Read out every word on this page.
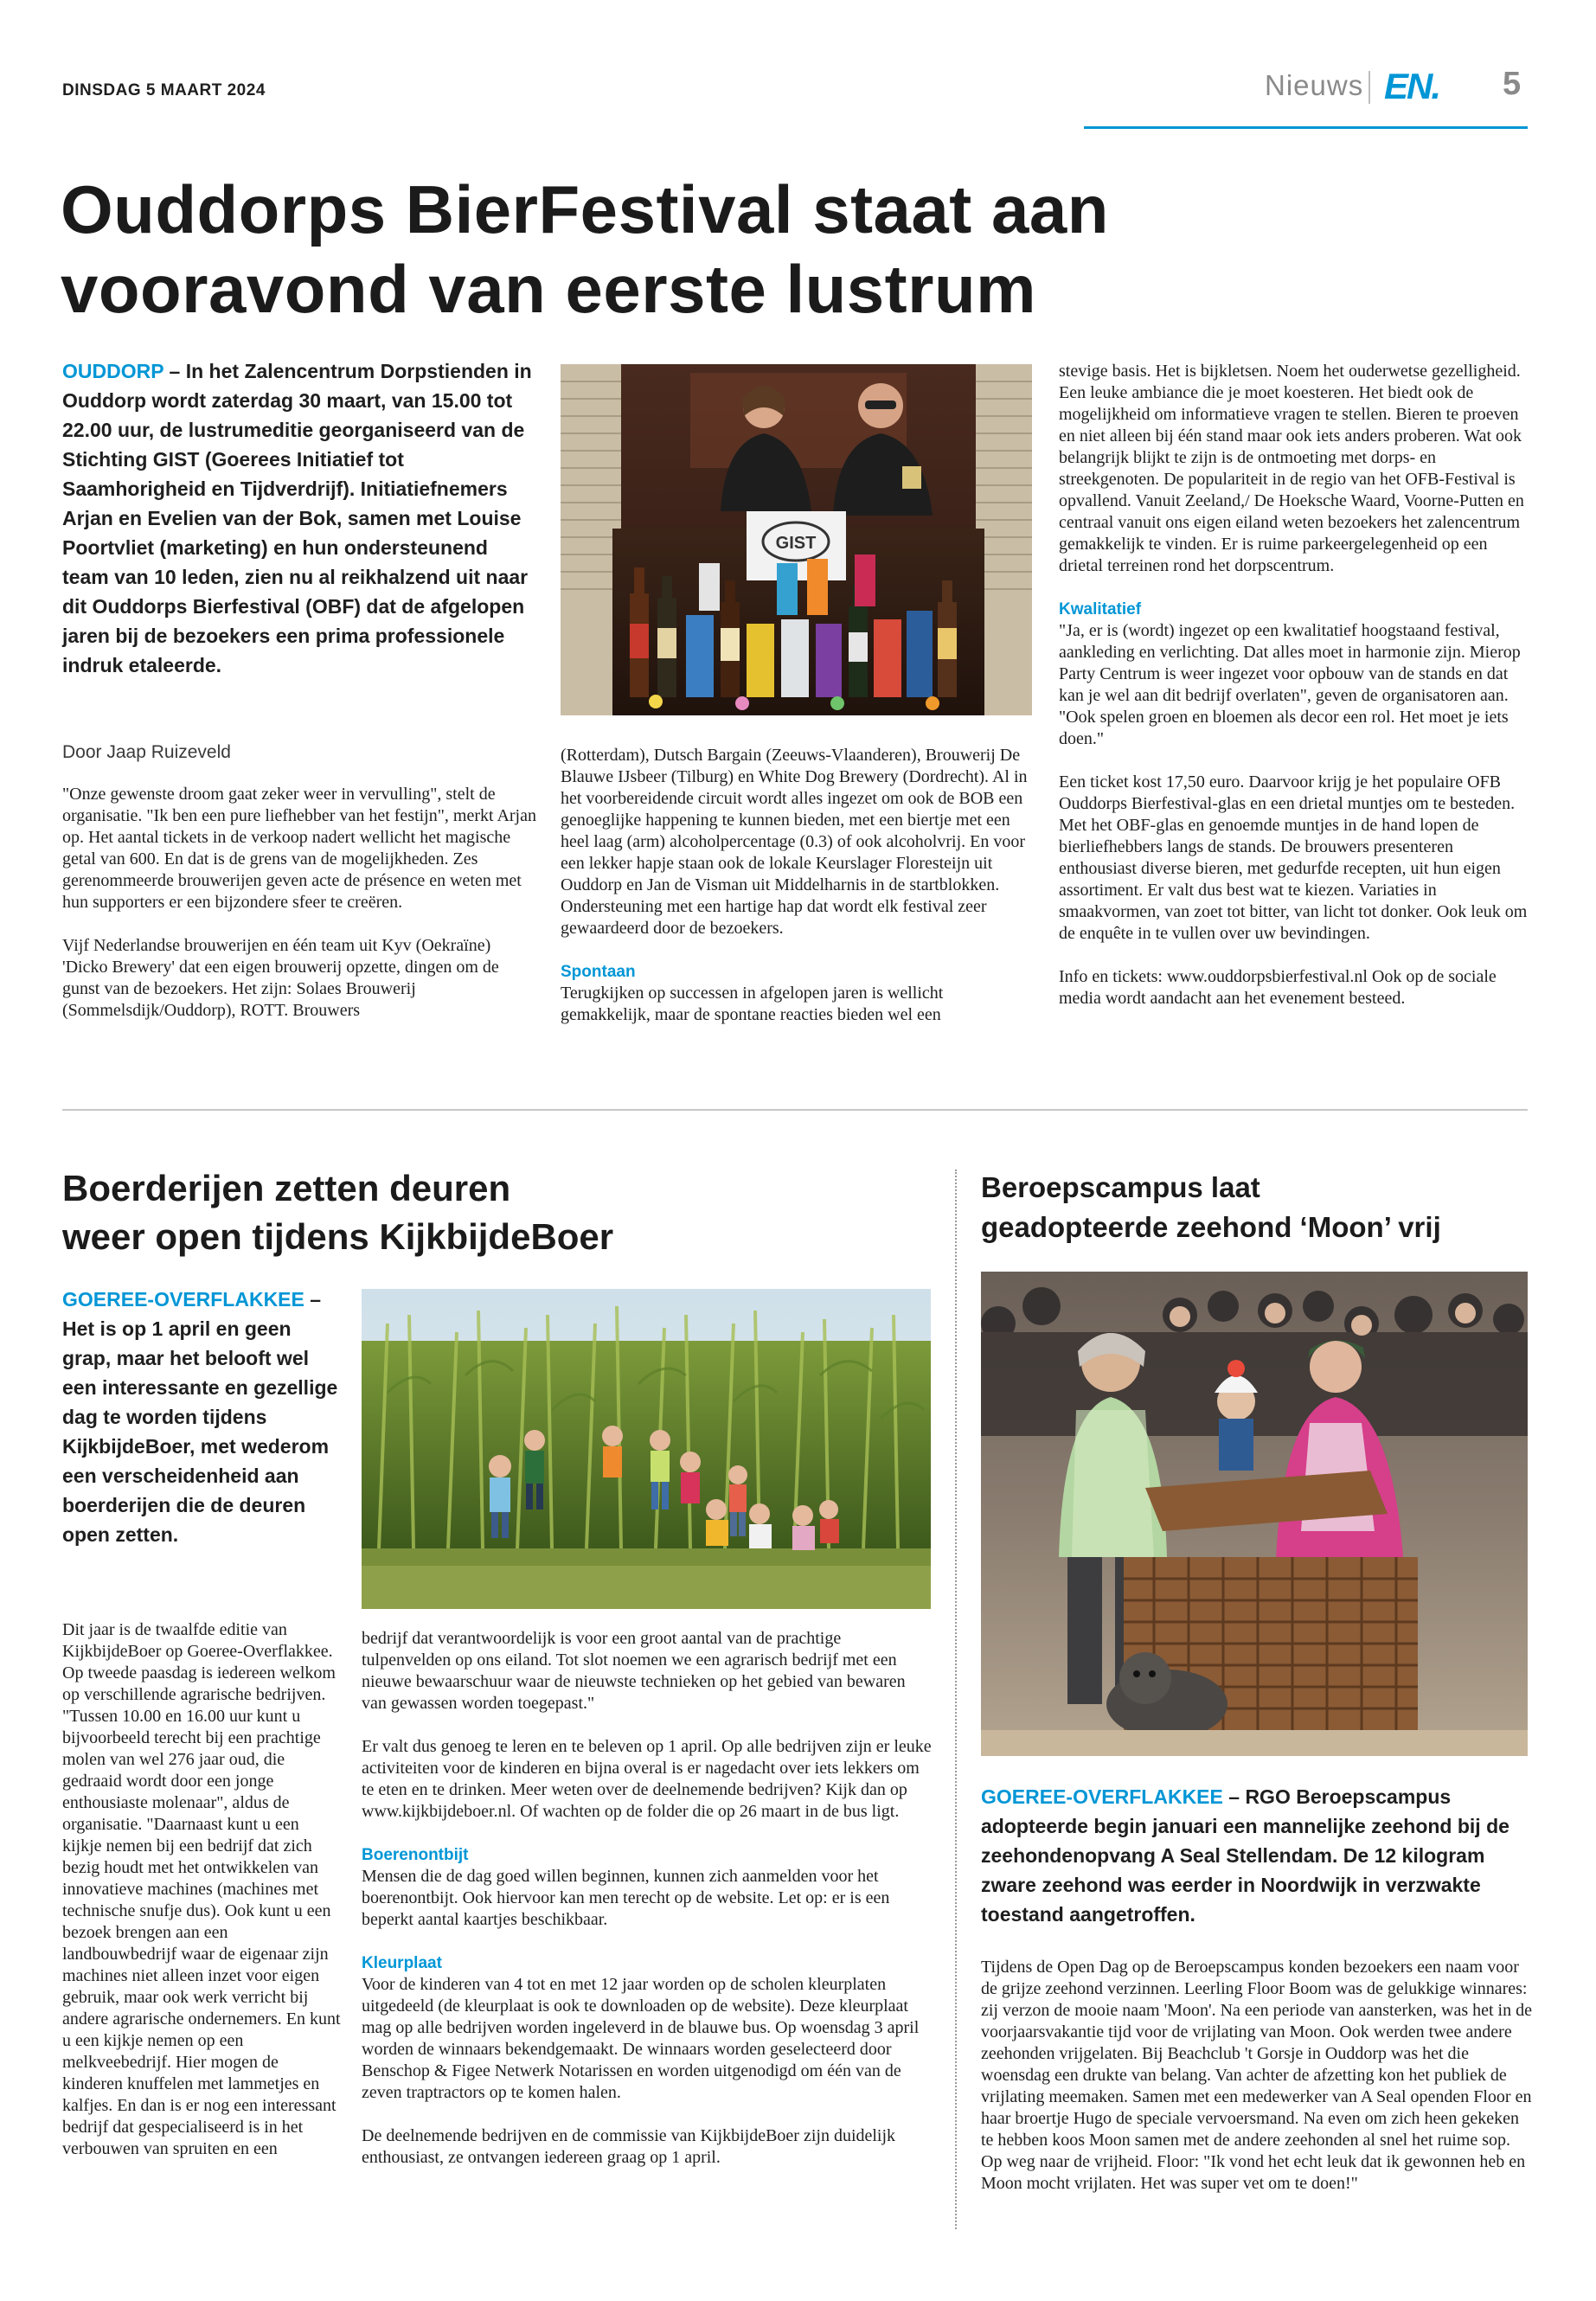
DINSDAG 5 MAART 2024	Nieuws EN. 5
Ouddorps BierFestival staat aan vooravond van eerste lustrum
OUDDORP – In het Zalencentrum Dorpstienden in Ouddorp wordt zaterdag 30 maart, van 15.00 tot 22.00 uur, de lustrumeditie georganiseerd van de Stichting GIST (Goerees Initiatief tot Saamhorigheid en Tijdverdrijf). Initiatiefnemers Arjan en Evelien van der Bok, samen met Louise Poortvliet (marketing) en hun ondersteunend team van 10 leden, zien nu al reikhalzend uit naar dit Ouddorps Bierfestival (OBF) dat de afgelopen jaren bij de bezoekers een prima professionele indruk etaleerde.
Door Jaap Ruizeveld

"Onze gewenste droom gaat zeker weer in vervulling", stelt de organisatie. "Ik ben een pure liefhebber van het festijn", merkt Arjan op. Het aantal tickets in de verkoop nadert wellicht het magische getal van 600. En dat is de grens van de mogelijkheden. Zes gerenommeerde brouwerijen geven acte de présence en weten met hun supporters er een bijzondere sfeer te creëren.

Vijf Nederlandse brouwerijen en één team uit Kyv (Oekraïne) 'Dicko Brewery' dat een eigen brouwerij opzette, dingen om de gunst van de bezoekers. Het zijn: Solaes Brouwerij (Sommelsdijk/Ouddorp), ROTT. Brouwers

GIST

(Rotterdam), Dutsch Bargain (Zeeuws-Vlaanderen), Brouwerij De Blauwe IJsbeer (Tilburg) en White Dog Brewery (Dordrecht). Al in het voorbereidende circuit wordt alles ingezet om ook de BOB een genoeglijke happening te kunnen bieden, met een biertje met een heel laag (arm) alcoholpercentage (0.3) of ook alcoholvrij. En voor een lekker hapje staan ook de lokale Keurslager Floresteijn uit Ouddorp en Jan de Visman uit Middelharnis in de startblokken. Ondersteuning met een hartige hap dat wordt elk festival zeer gewaardeerd door de bezoekers.

Spontaan

Terugkijken op successen in afgelopen jaren is wellicht gemakkelijk, maar de spontane reacties bieden wel een

stevige basis. Het is bijkletsen. Noem het ouderwetse gezelligheid. Een leuke ambiance die je moet koesteren. Het biedt ook de mogelijkheid om informatieve vragen te stellen. Bieren te proeven en niet alleen bij één stand maar ook iets anders proberen. Wat ook belangrijk blijkt te zijn is de ontmoeting met dorps- en streekgenoten. De populariteit in de regio van het OFB-Festival is opvallend. Vanuit Zeeland,/ De Hoeksche Waard, Voorne-Putten en centraal vanuit ons eigen eiland weten bezoekers het zalencentrum gemakkelijk te vinden. Er is ruime parkeergelegenheid op een drietal terreinen rond het dorpscentrum.

Kwalitatief

"Ja, er is (wordt) ingezet op een kwalitatief hoogstaand festival, aankleding en verlichting. Dat alles moet in harmonie zijn. Mierop Party Centrum is weer ingezet voor opbouw van de stands en dat kan je wel aan dit bedrijf overlaten", geven de organisatoren aan. "Ook spelen groen en bloemen als decor een rol. Het moet je iets doen."

Een ticket kost 17,50 euro. Daarvoor krijg je het populaire OFB Ouddorps Bierfestival-glas en een drietal muntjes om te besteden. Met het OBF-glas en genoemde muntjes in de hand lopen de bierliefhebbers langs de stands. De brouwers presenteren enthousiast diverse bieren, met gedurfde recepten, uit hun eigen assortiment. Er valt dus best wat te kiezen. Variaties in smaakvormen, van zoet tot bitter, van licht tot donker. Ook leuk om de enquête in te vullen over uw bevindingen.

Info en tickets: www.ouddorpsbierfestival.nl Ook op de sociale media wordt aandacht aan het evenement besteed.

Boerderijen zetten deuren
weer open tijdens KijkbijdeBoer
GOEREE-OVERFLAKKEE – Het is op 1 april en geen grap, maar het belooft wel een interessante en gezellige dag te worden tijdens KijkbijdeBoer, met wederom een verscheidenheid aan boerderijen die de deuren open zetten.

Dit jaar is de twaalfde editie van KijkbijdeBoer op Goeree-Overflakkee. Op tweede paasdag is iedereen welkom op verschillende agrarische bedrijven. "Tussen 10.00 en 16.00 uur kunt u bijvoorbeeld terecht bij een prachtige molen van wel 276 jaar oud, die gedraaid wordt door een jonge enthousiaste molenaar", aldus de organisatie. "Daarnaast kunt u een kijkje nemen bij een bedrijf dat zich bezig houdt met het ontwikkelen van innovatieve machines (machines met technische snufje dus). Ook kunt u een bezoek brengen aan een landbouwbedrijf waar de eigenaar zijn machines niet alleen inzet voor eigen gebruik, maar ook werk verricht bij andere agrarische ondernemers. En kunt u een kijkje nemen op een melkveebedrijf. Hier mogen de kinderen knuffelen met lammetjes en kalfjes. En dan is er nog een interessant bedrijf dat gespecialiseerd is in het verbouwen van spruiten en een

bedrijf dat verantwoordelijk is voor een groot aantal van de prachtige tulpenvelden op ons eiland. Tot slot noemen we een agrarisch bedrijf met een nieuwe bewaarschuur waar de nieuwste technieken op het gebied van bewaren van gewassen worden toegepast."

Er valt dus genoeg te leren en te beleven op 1 april. Op alle bedrijven zijn er leuke activiteiten voor de kinderen en bijna overal is er nagedacht over iets lekkers om te eten en te drinken. Meer weten over de deelnemende bedrijven? Kijk dan op www.kijkbijdeboer.nl. Of wachten op de folder die op 26 maart in de bus ligt.

Boerenontbijt

Mensen die de dag goed willen beginnen, kunnen zich aanmelden voor het boerenontbijt. Ook hiervoor kan men terecht op de website. Let op: er is een beperkt aantal kaartjes beschikbaar.

Kleurplaat

Voor de kinderen van 4 tot en met 12 jaar worden op de scholen kleurplaten uitgedeeld (de kleurplaat is ook te downloaden op de website). Deze kleurplaat mag op alle bedrijven worden ingeleverd in de blauwe bus. Op woensdag 3 april worden de winnaars bekendgemaakt. De winnaars worden geselecteerd door Benschop & Figee Netwerk Notarissen en worden uitgenodigd om één van de zeven traptractors op te komen halen.

De deelnemende bedrijven en de commissie van KijkbijdeBoer zijn duidelijk enthousiast, ze ontvangen iedereen graag op 1 april.

Beroepscampus laat
geadopteerde zeehond ‘Moon’ vrij
GOEREE-OVERFLAKKEE – RGO Beroepscampus adopteerde begin januari een mannelijke zeehond bij de zeehondenopvang A Seal Stellendam. De 12 kilogram zware zeehond was eerder in Noordwijk in verzwakte toestand aangetroffen.

Tijdens de Open Dag op de Beroepscampus konden bezoekers een naam voor de grijze zeehond verzinnen. Leerling Floor Boom was de gelukkige winnares: zij verzon de mooie naam 'Moon'. Na een periode van aansterken, was het in de voorjaarsvakantie tijd voor de vrijlating van Moon. Ook werden twee andere zeehonden vrijgelaten. Bij Beachclub 't Gorsje in Ouddorp was het die woensdag een drukte van belang. Van achter de afzetting kon het publiek de vrijlating meemaken. Samen met een medewerker van A Seal openden Floor en haar broertje Hugo de speciale vervoersmand. Na even om zich heen gekeken te hebben koos Moon samen met de andere zeehonden al snel het ruime sop. Op weg naar de vrijheid. Floor: "Ik vond het echt leuk dat ik gewonnen heb en Moon mocht vrijlaten. Het was super vet om te doen!"
